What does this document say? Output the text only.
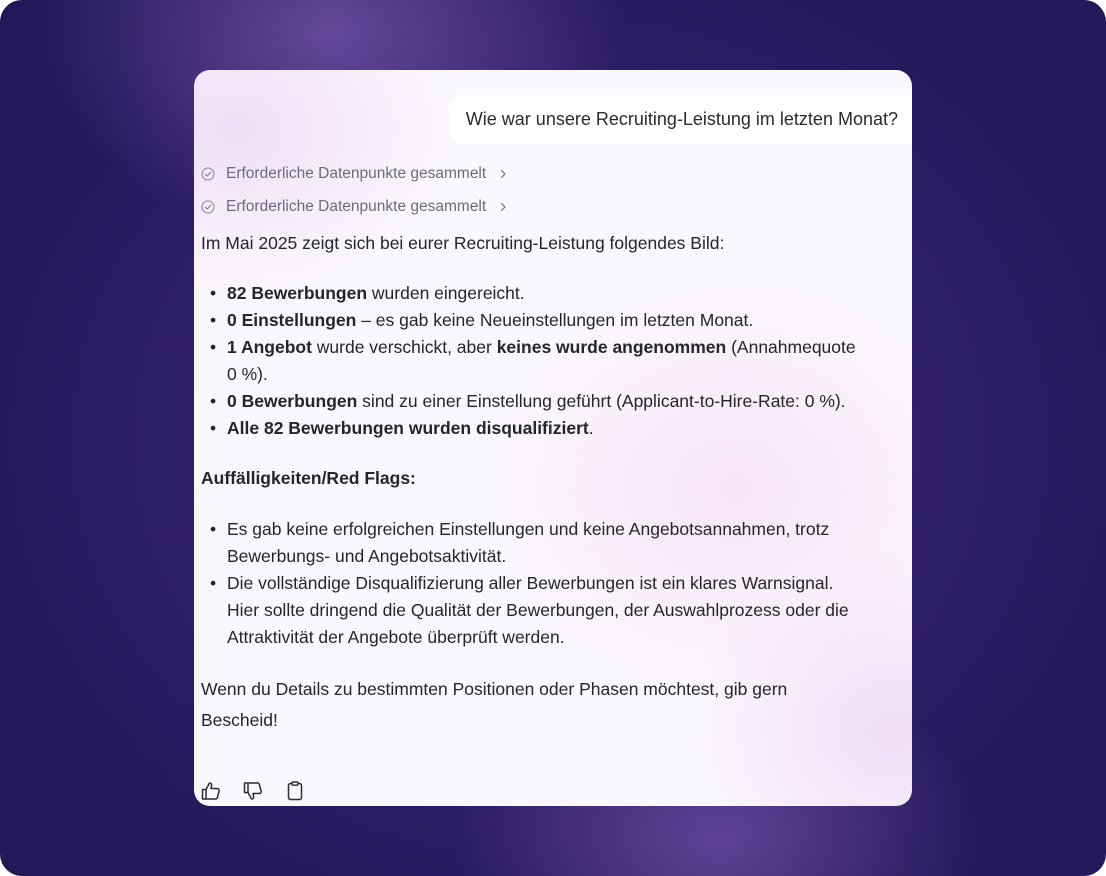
Wie war unsere Recruiting-Leistung im letzten Monat?
Erforderliche Datenpunkte gesammelt
Erforderliche Datenpunkte gesammelt

Im Mai 2025 zeigt sich bei eurer Recruiting-Leistung folgendes Bild:

• 82 Bewerbungen wurden eingereicht.
• 0 Einstellungen – es gab keine Neueinstellungen im letzten Monat.
• 1 Angebot wurde verschickt, aber keines wurde angenommen (Annahmequote 0 %).
• 0 Bewerbungen sind zu einer Einstellung geführt (Applicant-to-Hire-Rate: 0 %).
• Alle 82 Bewerbungen wurden disqualifiziert.

Auffälligkeiten/Red Flags:

• Es gab keine erfolgreichen Einstellungen und keine Angebotsannahmen, trotz Bewerbungs- und Angebotsaktivität.
• Die vollständige Disqualifizierung aller Bewerbungen ist ein klares Warnsignal. Hier sollte dringend die Qualität der Bewerbungen, der Auswahlprozess oder die Attraktivität der Angebote überprüft werden.

Wenn du Details zu bestimmten Positionen oder Phasen möchtest, gib gern Bescheid!
